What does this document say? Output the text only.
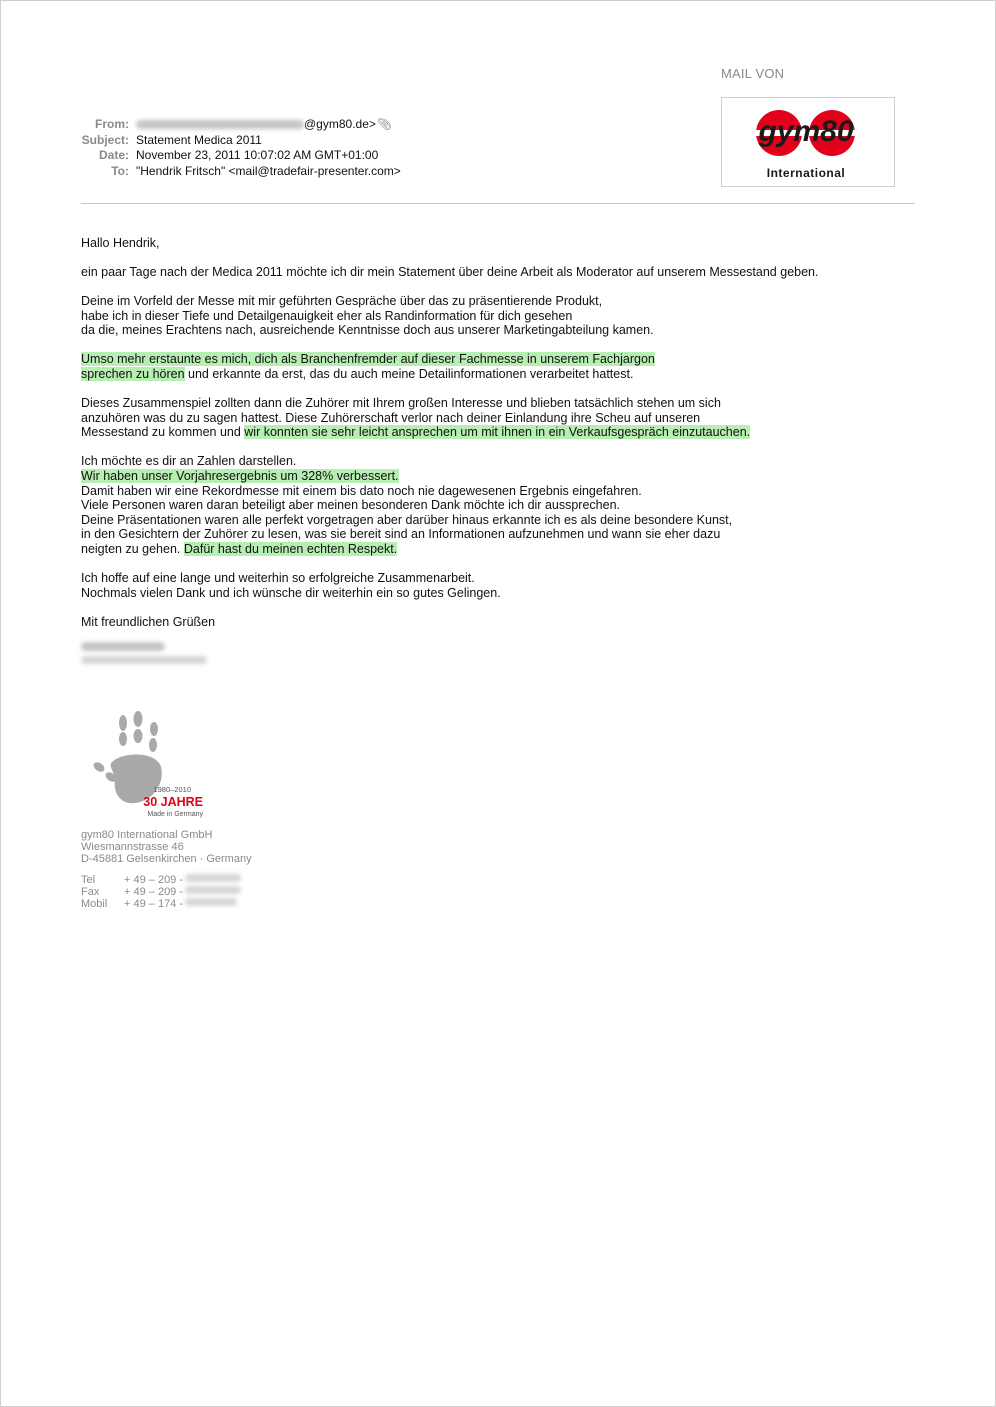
MAIL VON
gym80
International
From:	@gym80.de>📎︎
Subject: Statement Medica 2011
Date: November 23, 2011 10:07:02 AM GMT+01:00
To: "Hendrik Fritsch" <mail@tradefair-presenter.com>

Hallo Hendrik,

ein paar Tage nach der Medica 2011 möchte ich dir mein Statement über deine Arbeit als Moderator auf unserem Messestand geben.

Deine im Vorfeld der Messe mit mir geführten Gespräche über das zu präsentierende Produkt,
habe ich in dieser Tiefe und Detailgenauigkeit eher als Randinformation für dich gesehen
da die, meines Erachtens nach, ausreichende Kenntnisse doch aus unserer Marketingabteilung kamen.

Umso mehr erstaunte es mich, dich als Branchenfremder auf dieser Fachmesse in unserem Fachjargon
sprechen zu hören und erkannte da erst, das du auch meine Detailinformationen verarbeitet hattest.

Dieses Zusammenspiel zollten dann die Zuhörer mit Ihrem großen Interesse und blieben tatsächlich stehen um sich
anzuhören was du zu sagen hattest. Diese Zuhörerschaft verlor nach deiner Einlandung ihre Scheu auf unseren
Messestand zu kommen und wir konnten sie sehr leicht ansprechen um mit ihnen in ein Verkaufsgespräch einzutauchen.

Ich möchte es dir an Zahlen darstellen.
Wir haben unser Vorjahresergebnis um 328% verbessert.
Damit haben wir eine Rekordmesse mit einem bis dato noch nie dagewesenen Ergebnis eingefahren.
Viele Personen waren daran beteiligt aber meinen besonderen Dank möchte ich dir aussprechen.
Deine Präsentationen waren alle perfekt vorgetragen aber darüber hinaus erkannte ich es als deine besondere Kunst,
in den Gesichtern der Zuhörer zu lesen, was sie bereit sind an Informationen aufzunehmen und wann sie eher dazu
neigten zu gehen. Dafür hast du meinen echten Respekt.

Ich hoffe auf eine lange und weiterhin so erfolgreiche Zusammenarbeit.
Nochmals vielen Dank und ich wünsche dir weiterhin ein so gutes Gelingen.

Mit freundlichen Grüßen

1980–2010
30 JAHRE
Made in Germany
gym80 International GmbH
Wiesmannstrasse 46
D-45881 Gelsenkirchen · Germany
Tel	+ 49 – 209 -
Fax	+ 49 – 209 -
Mobil	+ 49 – 174 -
